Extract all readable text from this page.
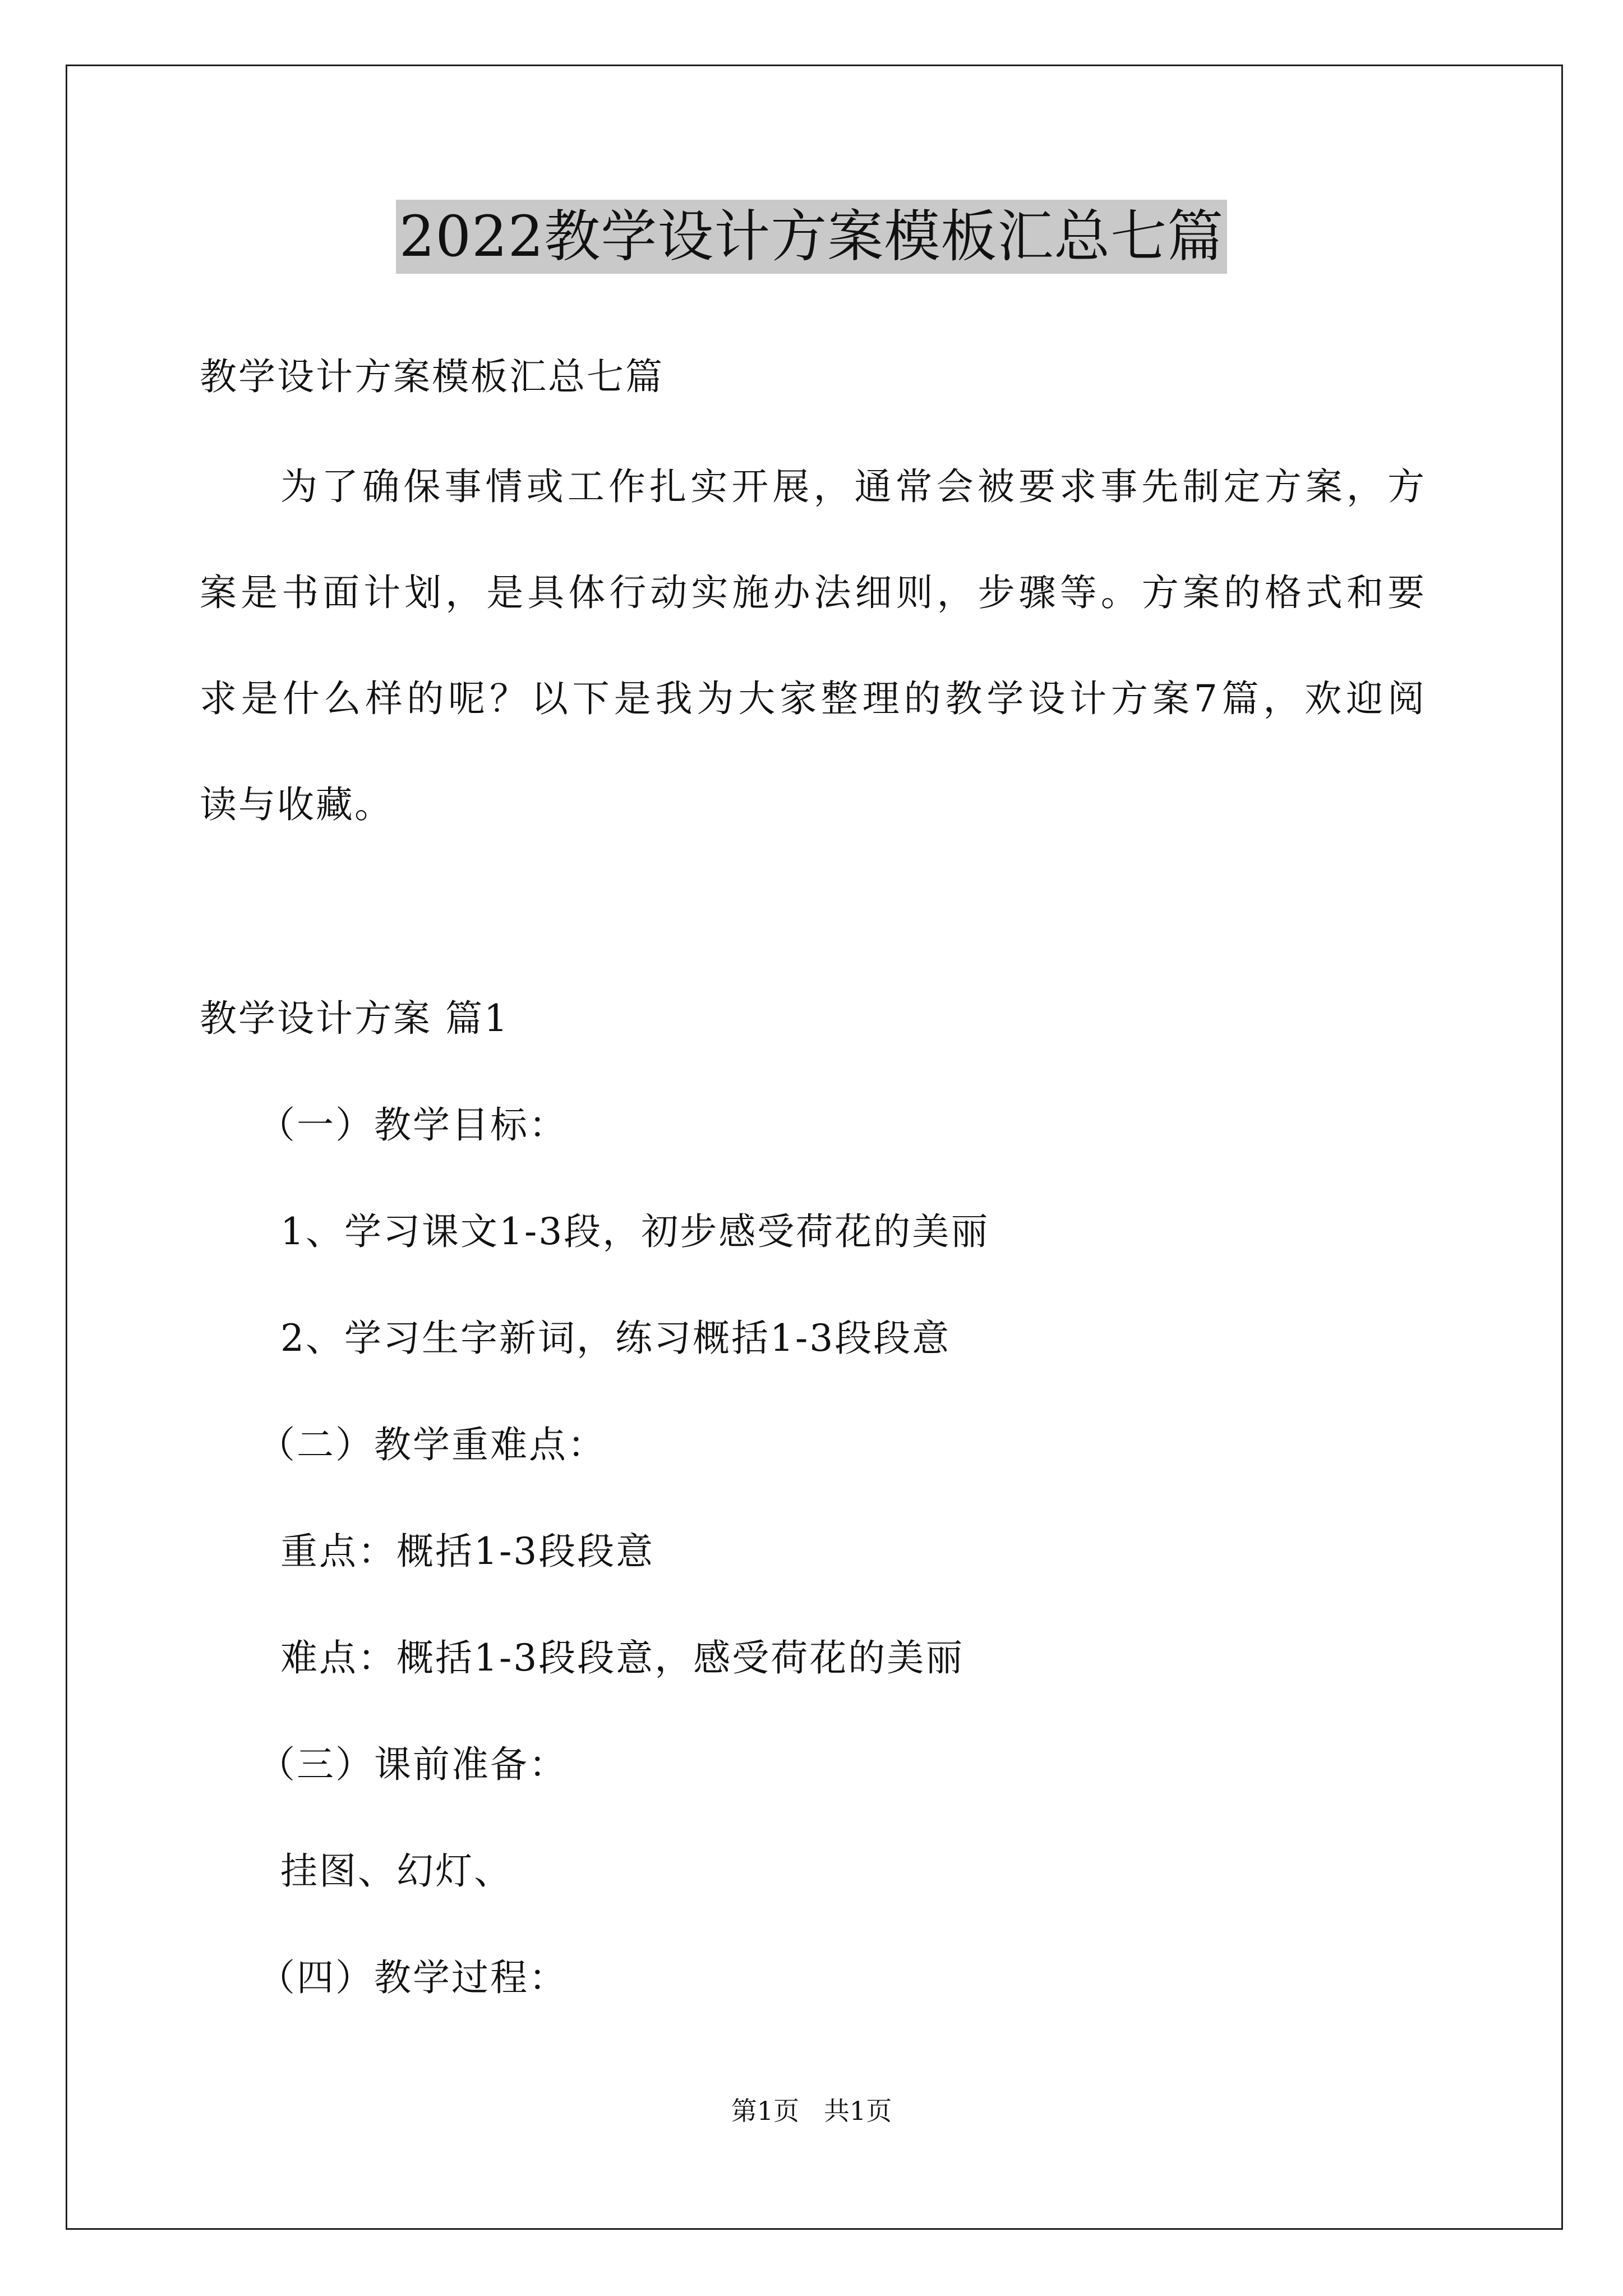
2022教学设计方案模板汇总七篇
教学设计方案模板汇总七篇
为了确保事情或工作扎实开展，通常会被要求事先制定方案，方
案是书面计划，是具体行动实施办法细则，步骤等。方案的格式和要
求是什么样的呢？以下是我为大家整理的教学设计方案7篇，欢迎阅
读与收藏。
教学设计方案 篇1
（一）教学目标：
1、学习课文1-3段，初步感受荷花的美丽
2、学习生字新词，练习概括1-3段段意
（二）教学重难点：
重点：概括1-3段段意
难点：概括1-3段段意，感受荷花的美丽
（三）课前准备：
挂图、幻灯、
（四）教学过程：
第1页   共1页
